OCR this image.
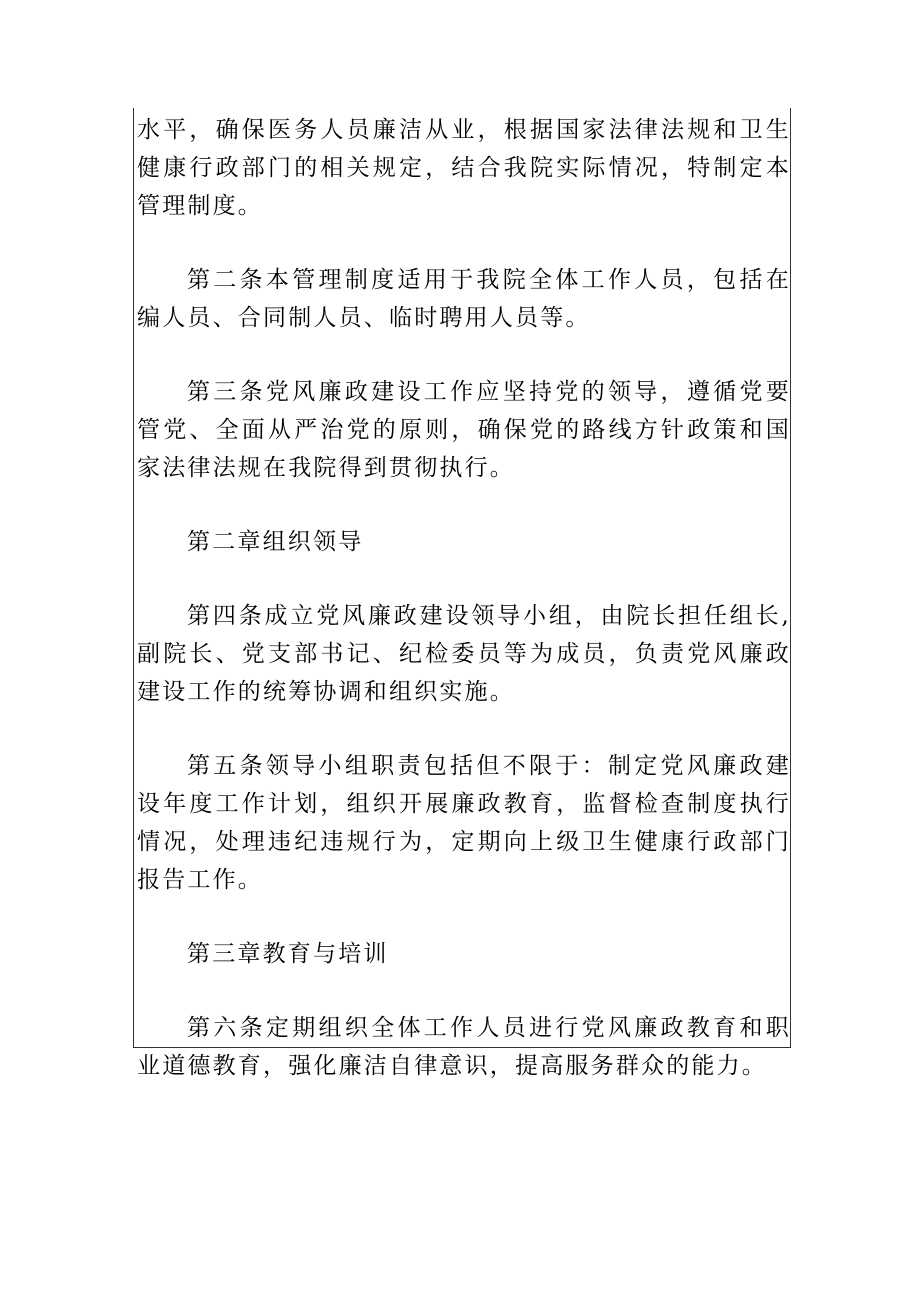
水平，确保医务人员廉洁从业，根据国家法律法规和卫生健康行政部门的相关规定，结合我院实际情况，特制定本管理制度。

第二条本管理制度适用于我院全体工作人员，包括在编人员、合同制人员、临时聘用人员等。

第三条党风廉政建设工作应坚持党的领导，遵循党要管党、全面从严治党的原则，确保党的路线方针政策和国家法律法规在我院得到贯彻执行。

第二章组织领导

第四条成立党风廉政建设领导小组，由院长担任组长,副院长、党支部书记、纪检委员等为成员，负责党风廉政建设工作的统筹协调和组织实施。

第五条领导小组职责包括但不限于：制定党风廉政建设年度工作计划，组织开展廉政教育，监督检查制度执行情况，处理违纪违规行为，定期向上级卫生健康行政部门报告工作。

第三章教育与培训

第六条定期组织全体工作人员进行党风廉政教育和职业道德教育，强化廉洁自律意识，提高服务群众的能力。
